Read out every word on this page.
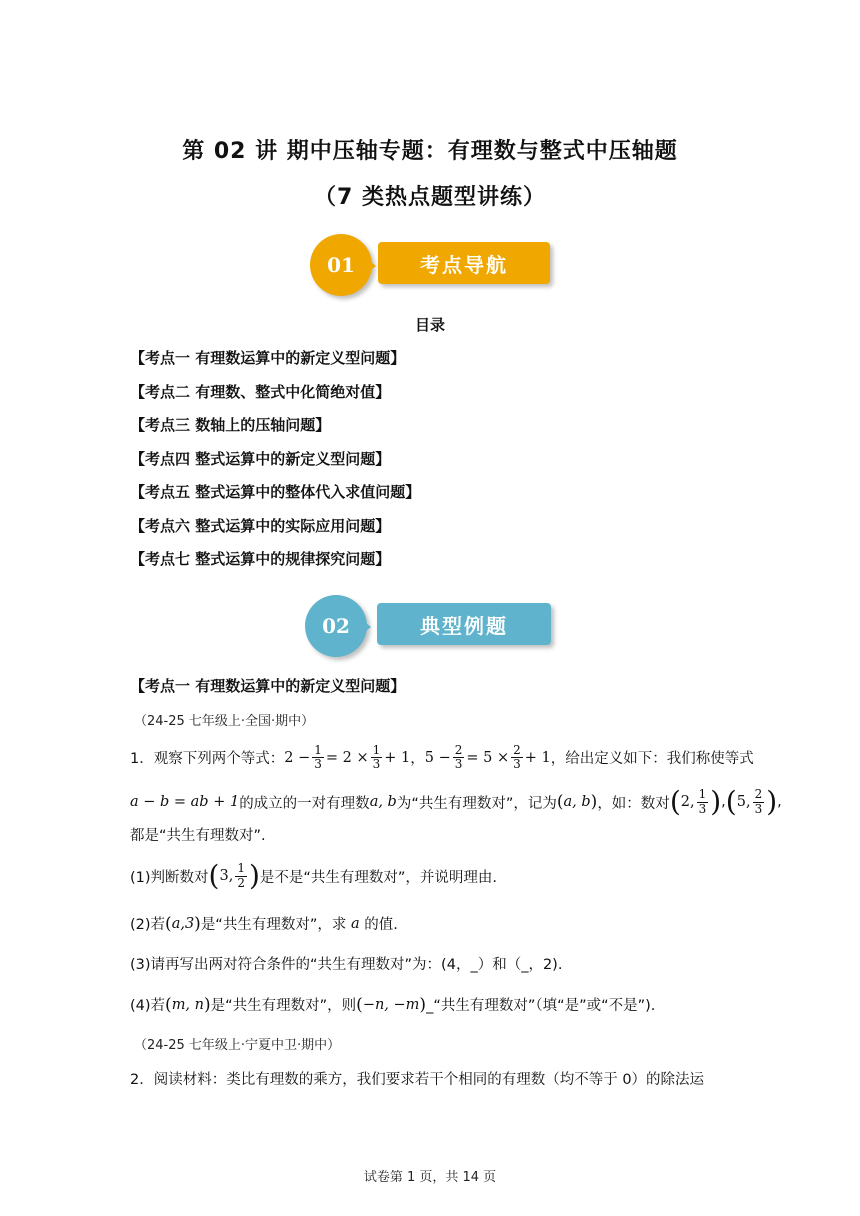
第 02 讲 期中压轴专题：有理数与整式中压轴题
（7 类热点题型讲练）
01	考点导航
目录
【考点一 有理数运算中的新定义型问题】
【考点二 有理数、整式中化简绝对值】
【考点三 数轴上的压轴问题】
【考点四 整式运算中的新定义型问题】
【考点五 整式运算中的整体代入求值问题】
【考点六 整式运算中的实际应用问题】
【考点七 整式运算中的规律探究问题】
02	典型例题
【考点一 有理数运算中的新定义型问题】
（24-25 七年级上·全国·期中）
1．观察下列两个等式： $2 - \frac{1}{3} = 2 \times \frac{1}{3} + 1$ ， $5 - \frac{2}{3} = 5 \times \frac{2}{3} + 1$ ，给出定义如下：我们称使等式
a − b = ab + 1 的成立的一对有理数 a, b 为“共生有理数对”，记为 ( a, b ) ，如：数对 ( 2, $\frac{1}{3}$ ) , ( 5, $\frac{2}{3}$ ) ,
都是“共生有理数对”.
(1)判断数对 ( 3, $\frac{1}{2}$ ) 是不是“共生有理数对”，并说明理由.
(2)若 ( a,3 ) 是“共生有理数对”，求
a
的值.
(3)请再写出两对符合条件的“共生有理数对”为：(4，_）和（_，2).
(4)若 ( m, n ) 是“共生有理数对”，则 ( −n, −m ) _“共生有理数对”（填“是”或“不是”).
（24-25 七年级上·宁夏中卫·期中）
2．阅读材料：类比有理数的乘方，我们要求若干个相同的有理数（均不等于 0）的除法运
试卷第 1 页，共 14 页
